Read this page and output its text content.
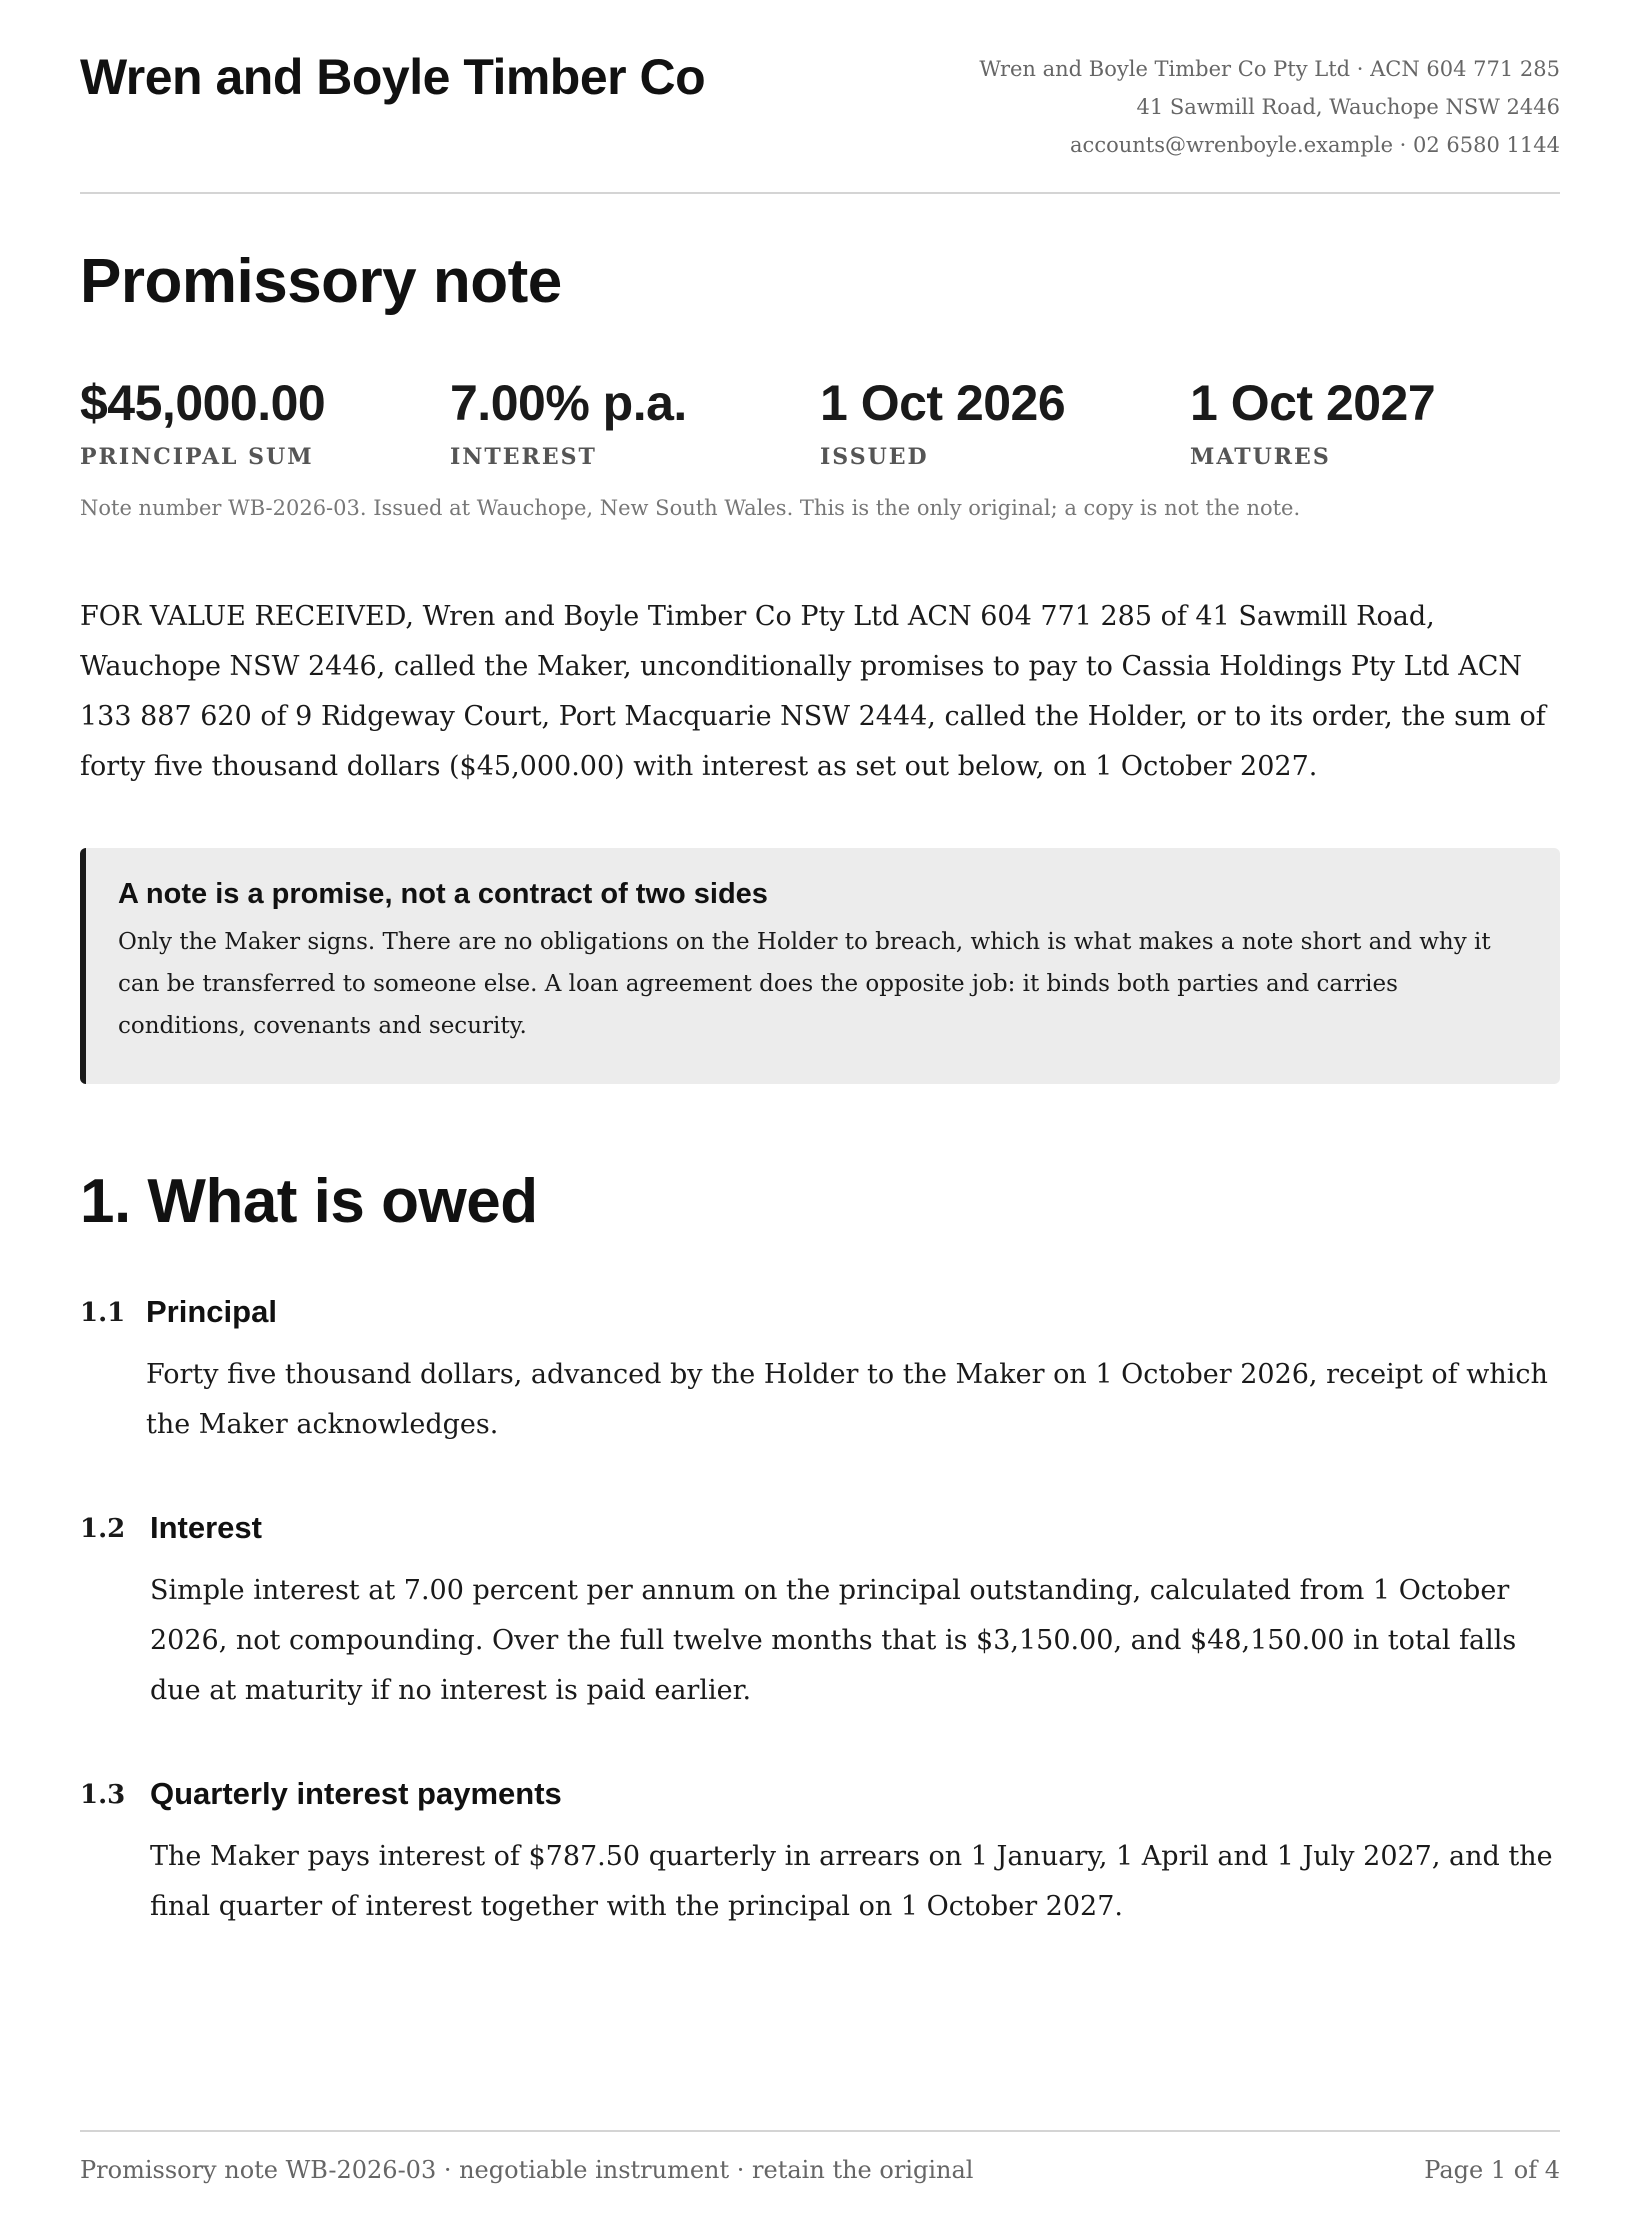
Wren and Boyle Timber Co	Wren and Boyle Timber Co Pty Ltd · ACN 604 771 285
41 Sawmill Road, Wauchope NSW 2446
accounts@wrenboyle.example · 02 6580 1144
Promissory note
$45,000.00
PRINCIPAL SUM
7.00% p.a.
INTEREST
1 Oct 2026
ISSUED
1 Oct 2027
MATURES
Note number WB-2026-03. Issued at Wauchope, New South Wales. This is the only original; a copy is not the note.

FOR VALUE RECEIVED, Wren and Boyle Timber Co Pty Ltd ACN 604 771 285 of 41 Sawmill Road,
Wauchope NSW 2446, called the Maker, unconditionally promises to pay to Cassia Holdings Pty Ltd ACN
133 887 620 of 9 Ridgeway Court, Port Macquarie NSW 2444, called the Holder, or to its order, the sum of
forty five thousand dollars ($45,000.00) with interest as set out below, on 1 October 2027.

A note is a promise, not a contract of two sides
Only the Maker signs. There are no obligations on the Holder to breach, which is what makes a note short and why it
can be transferred to someone else. A loan agreement does the opposite job: it binds both parties and carries
conditions, covenants and security.
1. What is owed
1.1 Principal
Forty five thousand dollars, advanced by the Holder to the Maker on 1 October 2026, receipt of which
the Maker acknowledges.
1.2 Interest
Simple interest at 7.00 percent per annum on the principal outstanding, calculated from 1 October
2026, not compounding. Over the full twelve months that is $3,150.00, and $48,150.00 in total falls
due at maturity if no interest is paid earlier.
1.3 Quarterly interest payments
The Maker pays interest of $787.50 quarterly in arrears on 1 January, 1 April and 1 July 2027, and the
final quarter of interest together with the principal on 1 October 2027.
Promissory note WB-2026-03 · negotiable instrument · retain the original	Page 1 of 4
